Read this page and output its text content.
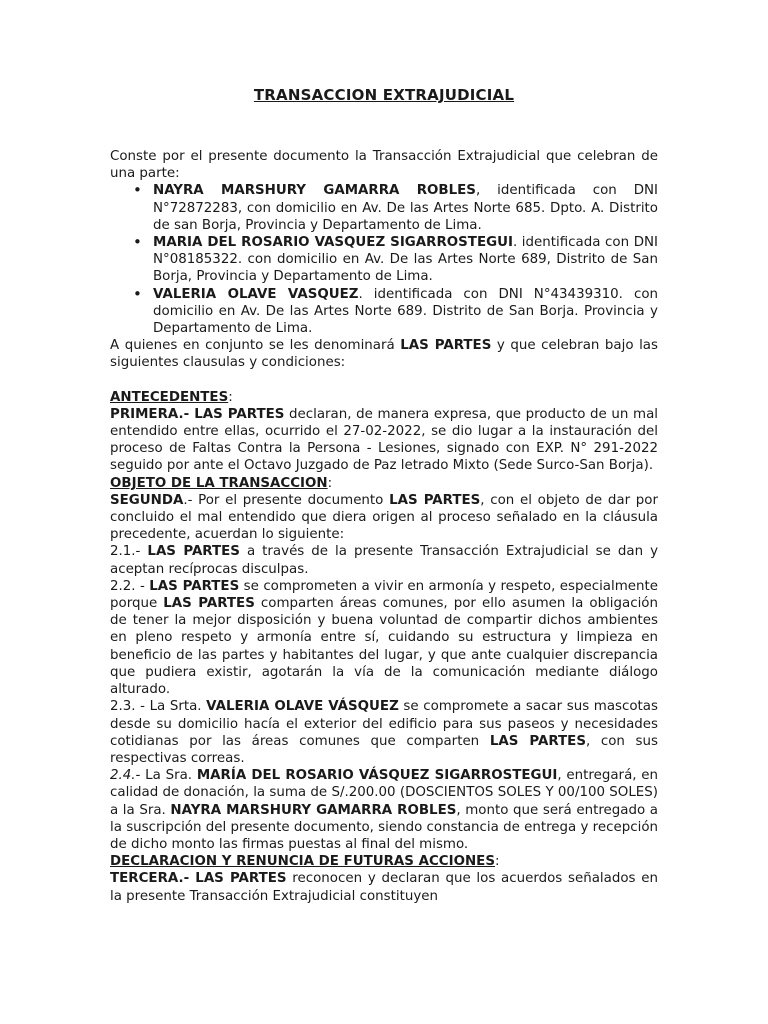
TRANSACCION EXTRAJUDICIAL

Conste por el presente documento la Transacción Extrajudicial que celebran de una parte:

• NAYRA MARSHURY GAMARRA ROBLES, identificada con DNI N°72872283, con domicilio en Av. De las Artes Norte 685. Dpto. A. Distrito de san Borja, Provincia y Departamento de Lima.
• MARIA DEL ROSARIO VASQUEZ SIGARROSTEGUI. identificada con DNI N°08185322. con domicilio en Av. De las Artes Norte 689, Distrito de San Borja, Provincia y Departamento de Lima.
• VALERIA OLAVE VASQUEZ. identificada con DNI N°43439310. con domicilio en Av. De las Artes Norte 689. Distrito de San Borja. Provincia y Departamento de Lima.

A quienes en conjunto se les denominará LAS PARTES y que celebran bajo las siguientes clausulas y condiciones:

ANTECEDENTES:

PRIMERA.- LAS PARTES declaran, de manera expresa, que producto de un mal entendido entre ellas, ocurrido el 27-02-2022, se dio lugar a la instauración del proceso de Faltas Contra la Persona - Lesiones, signado con EXP. N° 291-2022 seguido por ante el Octavo Juzgado de Paz letrado Mixto (Sede Surco-San Borja).

OBJETO DE LA TRANSACCION:

SEGUNDA.- Por el presente documento LAS PARTES, con el objeto de dar por concluido el mal entendido que diera origen al proceso señalado en la cláusula precedente, acuerdan lo siguiente:

2.1.- LAS PARTES a través de la presente Transacción Extrajudicial se dan y aceptan recíprocas disculpas.

2.2. - LAS PARTES se comprometen a vivir en armonía y respeto, especialmente porque LAS PARTES comparten áreas comunes, por ello asumen la obligación de tener la mejor disposición y buena voluntad de compartir dichos ambientes en pleno respeto y armonía entre sí, cuidando su estructura y limpieza en beneficio de las partes y habitantes del lugar, y que ante cualquier discrepancia que pudiera existir, agotarán la vía de la comunicación mediante diálogo alturado.

2.3. - La Srta. VALERIA OLAVE VÁSQUEZ se compromete a sacar sus mascotas desde su domicilio hacía el exterior del edificio para sus paseos y necesidades cotidianas por las áreas comunes que comparten LAS PARTES, con sus respectivas correas.

2.4.- La Sra. MARÍA DEL ROSARIO VÁSQUEZ SIGARROSTEGUI, entregará, en calidad de donación, la suma de S/.200.00 (DOSCIENTOS SOLES Y 00/100 SOLES) a la Sra. NAYRA MARSHURY GAMARRA ROBLES, monto que será entregado a la suscripción del presente documento, siendo constancia de entrega y recepción de dicho monto las firmas puestas al final del mismo.

DECLARACION Y RENUNCIA DE FUTURAS ACCIONES:

TERCERA.- LAS PARTES reconocen y declaran que los acuerdos señalados en la presente Transacción Extrajudicial constituyen
